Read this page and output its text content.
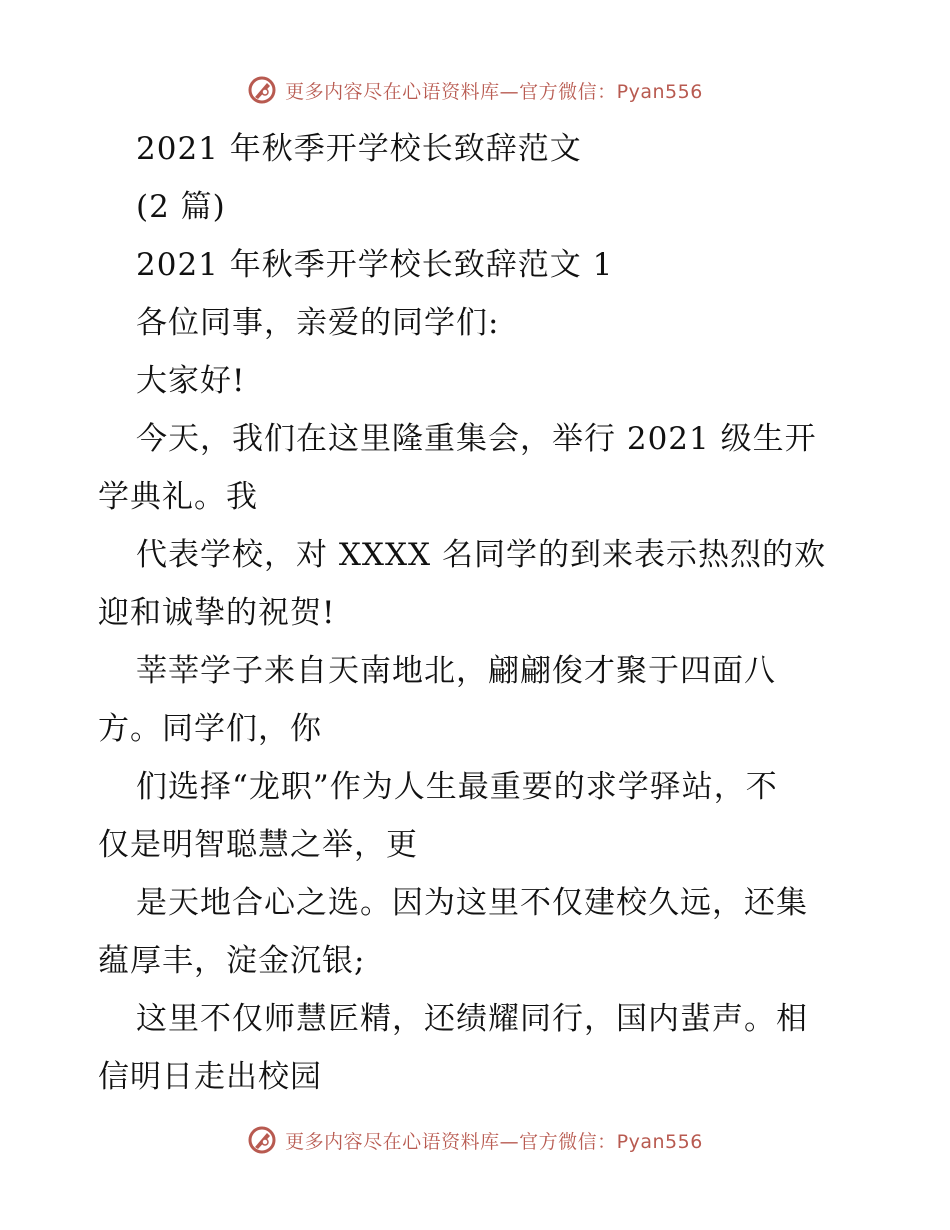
更多内容尽在心语资料库—官方微信：Pyan556
2021 年秋季开学校长致辞范文
(2 篇)
2021 年秋季开学校长致辞范文 1
各位同事，亲爱的同学们:
大家好!
今天，我们在这里隆重集会，举行 2021 级生开
学典礼。我
代表学校，对 XXXX 名同学的到来表示热烈的欢
迎和诚挚的祝贺!
莘莘学子来自天南地北，翩翩俊才聚于四面八
方。同学们，你
们选择“龙职”作为人生最重要的求学驿站，不
仅是明智聪慧之举，更
是天地合心之选。因为这里不仅建校久远，还集
蕴厚丰，淀金沉银;
这里不仅师慧匠精，还绩耀同行，国内蜚声。相
信明日走出校园
更多内容尽在心语资料库—官方微信：Pyan556
